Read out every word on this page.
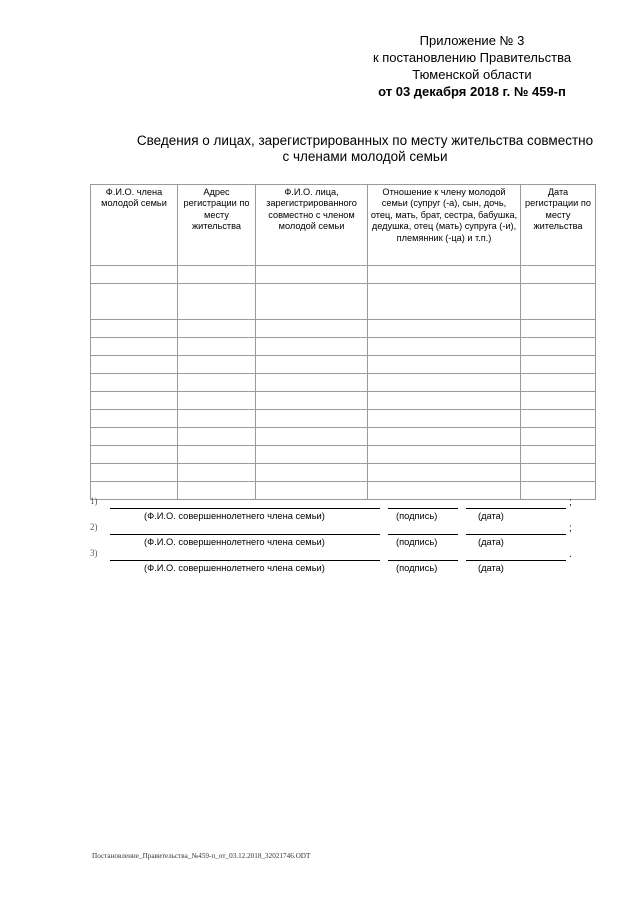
Приложение № 3
к постановлению Правительства
Тюменской области
от 03 декабря 2018 г. № 459-п
Сведения о лицах, зарегистрированных по месту жительства совместно
с членами молодой семьи
Ф.И.О. члена молодой семьи	Адрес регистрации по месту жительства	Ф.И.О. лица, зарегистрированного совместно с членом молодой семьи	Отношение к члену молодой семьи (супруг (-а), сын, дочь, отец, мать, брат, сестра, бабушка, дедушка, отец (мать) супруга (-и), племянник (-ца) и т.п.)	Дата регистрации по месту жительства

1)	;
(Ф.И.О. совершеннолетнего члена семьи)	(подпись)	(дата)
2)	;
(Ф.И.О. совершеннолетнего члена семьи)	(подпись)	(дата)
3)	.
(Ф.И.О. совершеннолетнего члена семьи)	(подпись)	(дата)
Постановление_Правительства_№459-п_от_03.12.2018_32021746.ODT
